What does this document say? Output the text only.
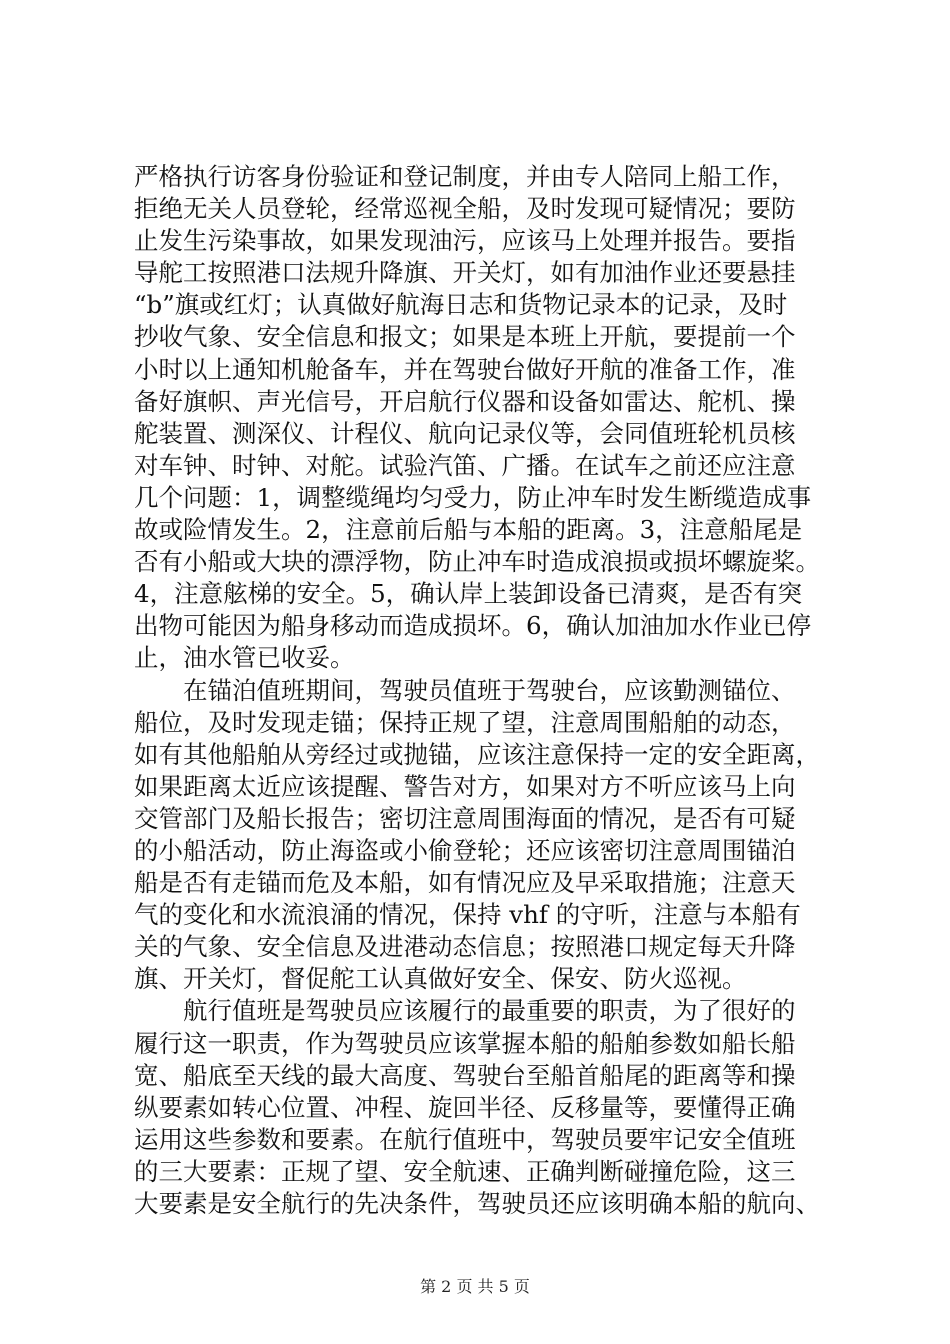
严格执行访客身份验证和登记制度，并由专人陪同上船工作，
拒绝无关人员登轮，经常巡视全船，及时发现可疑情况；要防
止发生污染事故，如果发现油污，应该马上处理并报告。要指
导舵工按照港口法规升降旗、开关灯，如有加油作业还要悬挂
“b”旗或红灯；认真做好航海日志和货物记录本的记录，及时
抄收气象、安全信息和报文；如果是本班上开航，要提前一个
小时以上通知机舱备车，并在驾驶台做好开航的准备工作，准
备好旗帜、声光信号，开启航行仪器和设备如雷达、舵机、操
舵装置、测深仪、计程仪、航向记录仪等，会同值班轮机员核
对车钟、时钟、对舵。试验汽笛、广播。在试车之前还应注意
几个问题：1，调整缆绳均匀受力，防止冲车时发生断缆造成事
故或险情发生。2，注意前后船与本船的距离。3，注意船尾是
否有小船或大块的漂浮物，防止冲车时造成浪损或损坏螺旋桨。
4，注意舷梯的安全。5，确认岸上装卸设备已清爽，是否有突
出物可能因为船身移动而造成损坏。6，确认加油加水作业已停
止，油水管已收妥。
　　在锚泊值班期间，驾驶员值班于驾驶台，应该勤测锚位、
船位，及时发现走锚；保持正规了望，注意周围船舶的动态，
如有其他船舶从旁经过或抛锚，应该注意保持一定的安全距离，
如果距离太近应该提醒、警告对方，如果对方不听应该马上向
交管部门及船长报告；密切注意周围海面的情况，是否有可疑
的小船活动，防止海盗或小偷登轮；还应该密切注意周围锚泊
船是否有走锚而危及本船，如有情况应及早采取措施；注意天
气的变化和水流浪涌的情况，保持 vhf 的守听，注意与本船有
关的气象、安全信息及进港动态信息；按照港口规定每天升降
旗、开关灯，督促舵工认真做好安全、保安、防火巡视。
　　航行值班是驾驶员应该履行的最重要的职责，为了很好的
履行这一职责，作为驾驶员应该掌握本船的船舶参数如船长船
宽、船底至天线的最大高度、驾驶台至船首船尾的距离等和操
纵要素如转心位置、冲程、旋回半径、反移量等，要懂得正确
运用这些参数和要素。在航行值班中，驾驶员要牢记安全值班
的三大要素：正规了望、安全航速、正确判断碰撞危险，这三
大要素是安全航行的先决条件，驾驶员还应该明确本船的航向、
第 2 页 共 5 页
